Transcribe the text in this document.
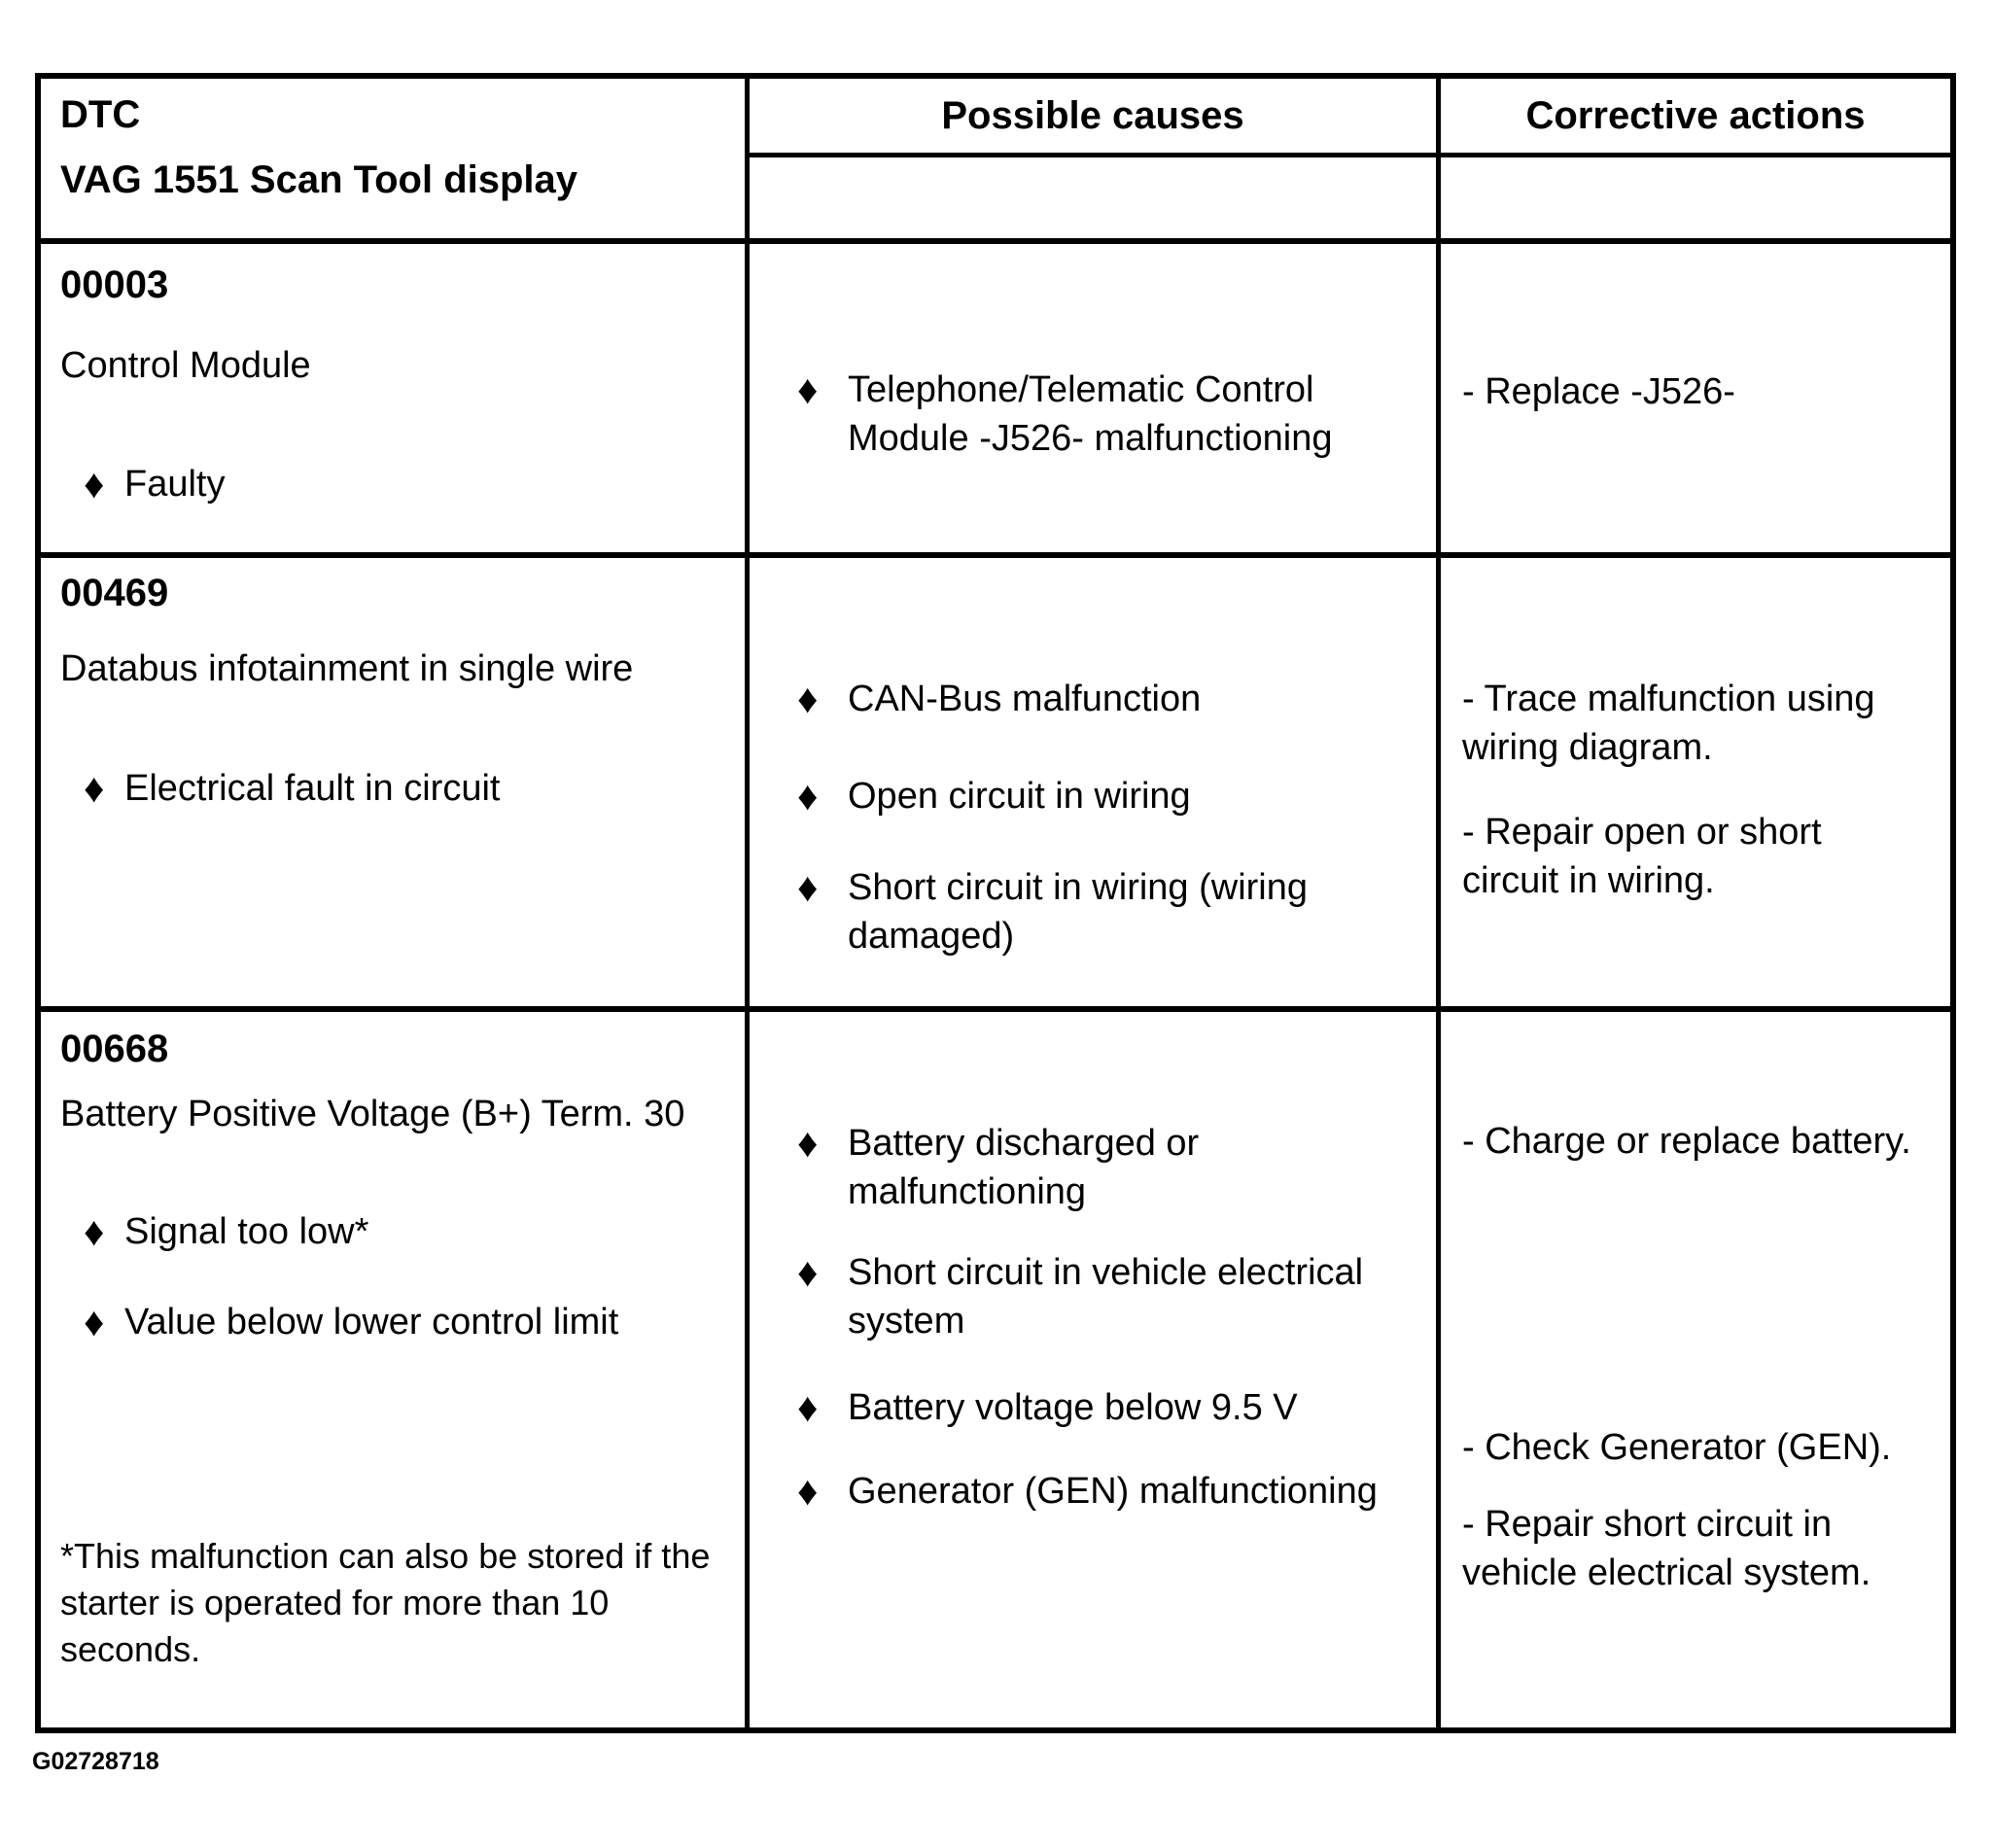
DTC
VAG 1551 Scan Tool display
Possible causes	Corrective actions
00003
Control Module
♦ Faulty
♦ Telephone/Telematic Control Module -J526- malfunctioning
- Replace -J526-
00469
Databus infotainment in single wire
♦ Electrical fault in circuit
♦ CAN-Bus malfunction
♦ Open circuit in wiring
♦ Short circuit in wiring (wiring damaged)
- Trace malfunction using wiring diagram.
- Repair open or short circuit in wiring.
00668
Battery Positive Voltage (B+) Term. 30
♦ Signal too low*
♦ Value below lower control limit
*This malfunction can also be stored if the starter is operated for more than 10 seconds.
♦ Battery discharged or malfunctioning
♦ Short circuit in vehicle electrical system
♦ Battery voltage below 9.5 V
♦ Generator (GEN) malfunctioning
- Charge or replace battery.
- Check Generator (GEN).
- Repair short circuit in vehicle electrical system.
G02728718
